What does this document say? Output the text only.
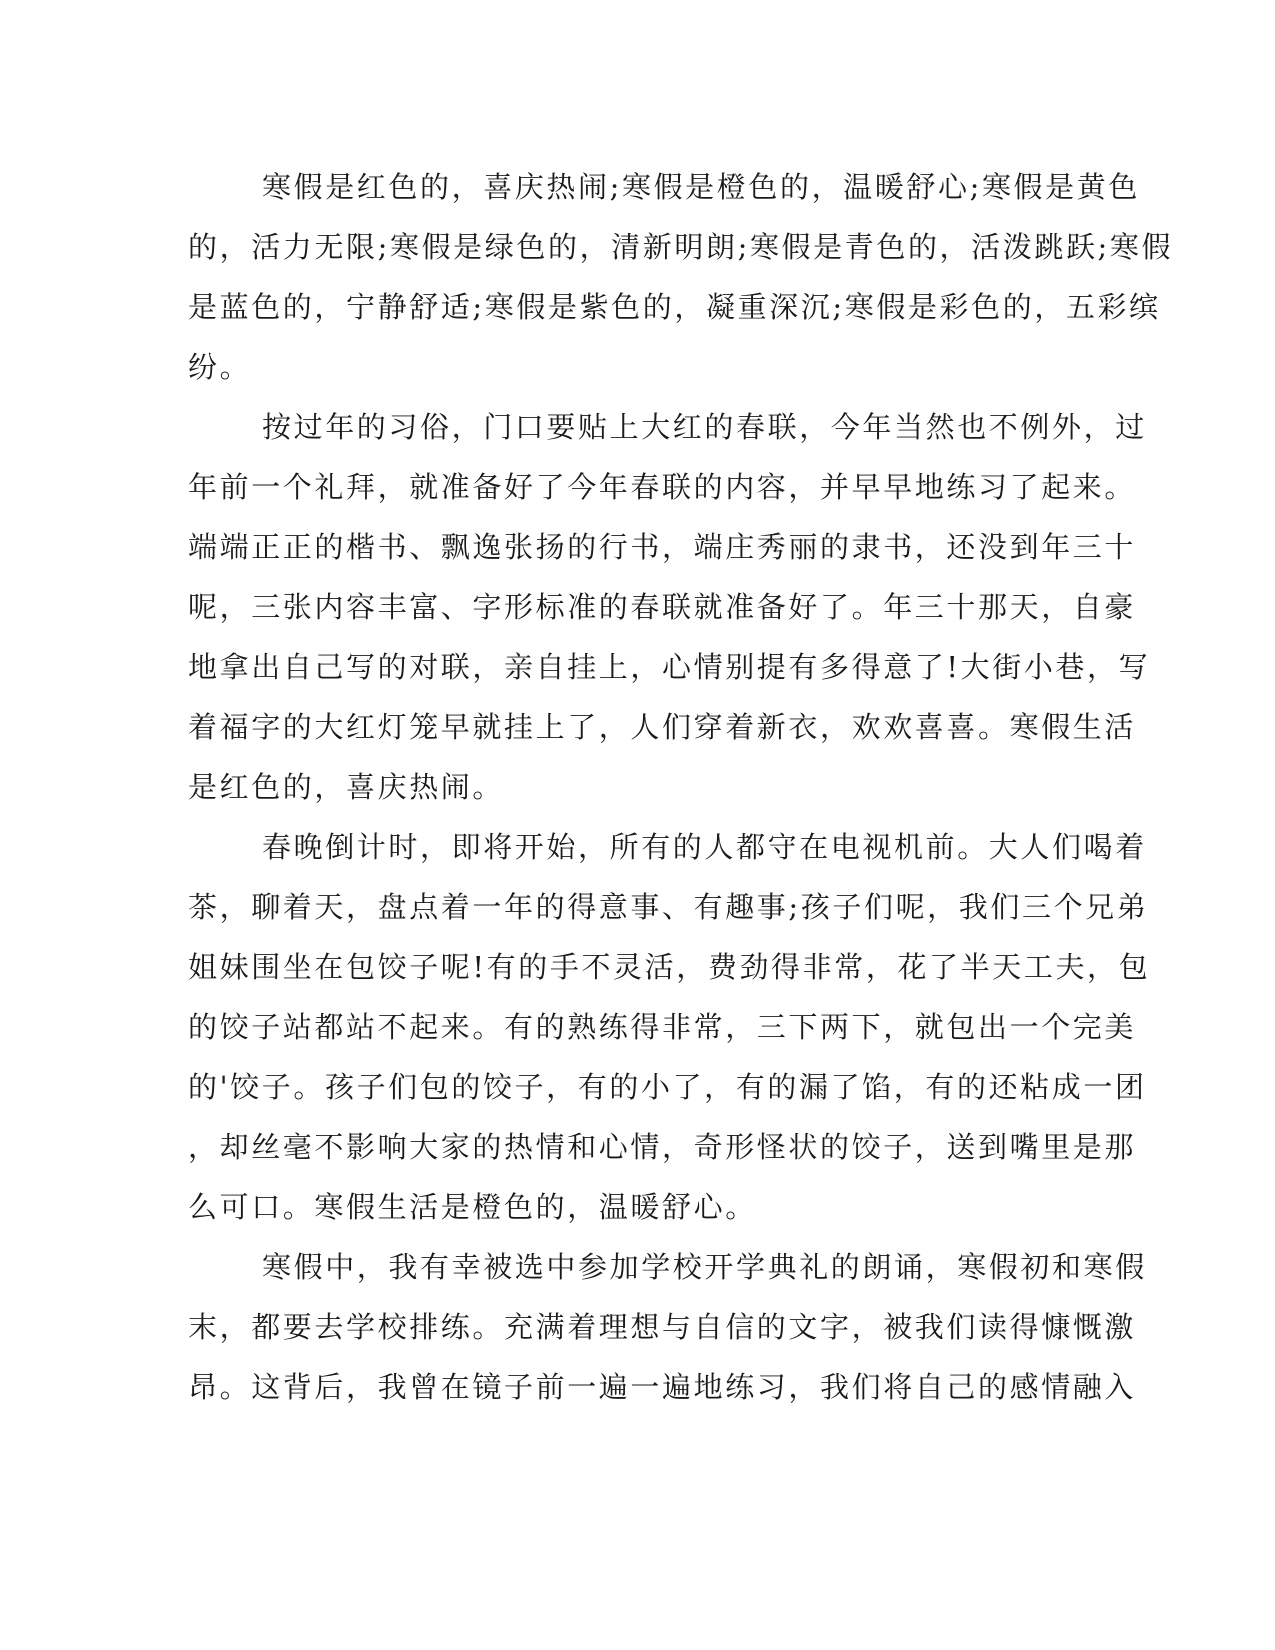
寒假是红色的，喜庆热闹;寒假是橙色的，温暖舒心;寒假是黄色
的，活力无限;寒假是绿色的，清新明朗;寒假是青色的，活泼跳跃;寒假
是蓝色的，宁静舒适;寒假是紫色的，凝重深沉;寒假是彩色的，五彩缤
纷。
按过年的习俗，门口要贴上大红的春联，今年当然也不例外，过
年前一个礼拜，就准备好了今年春联的内容，并早早地练习了起来。
端端正正的楷书、飘逸张扬的行书，端庄秀丽的隶书，还没到年三十
呢，三张内容丰富、字形标准的春联就准备好了。年三十那天，自豪
地拿出自己写的对联，亲自挂上，心情别提有多得意了!大街小巷，写
着福字的大红灯笼早就挂上了，人们穿着新衣，欢欢喜喜。寒假生活
是红色的，喜庆热闹。
春晚倒计时，即将开始，所有的人都守在电视机前。大人们喝着
茶，聊着天，盘点着一年的得意事、有趣事;孩子们呢，我们三个兄弟
姐妹围坐在包饺子呢!有的手不灵活，费劲得非常，花了半天工夫，包
的饺子站都站不起来。有的熟练得非常，三下两下，就包出一个完美
的'饺子。孩子们包的饺子，有的小了，有的漏了馅，有的还粘成一团
，却丝毫不影响大家的热情和心情，奇形怪状的饺子，送到嘴里是那
么可口。寒假生活是橙色的，温暖舒心。
寒假中，我有幸被选中参加学校开学典礼的朗诵，寒假初和寒假
末，都要去学校排练。充满着理想与自信的文字，被我们读得慷慨激
昂。这背后，我曾在镜子前一遍一遍地练习，我们将自己的感情融入
